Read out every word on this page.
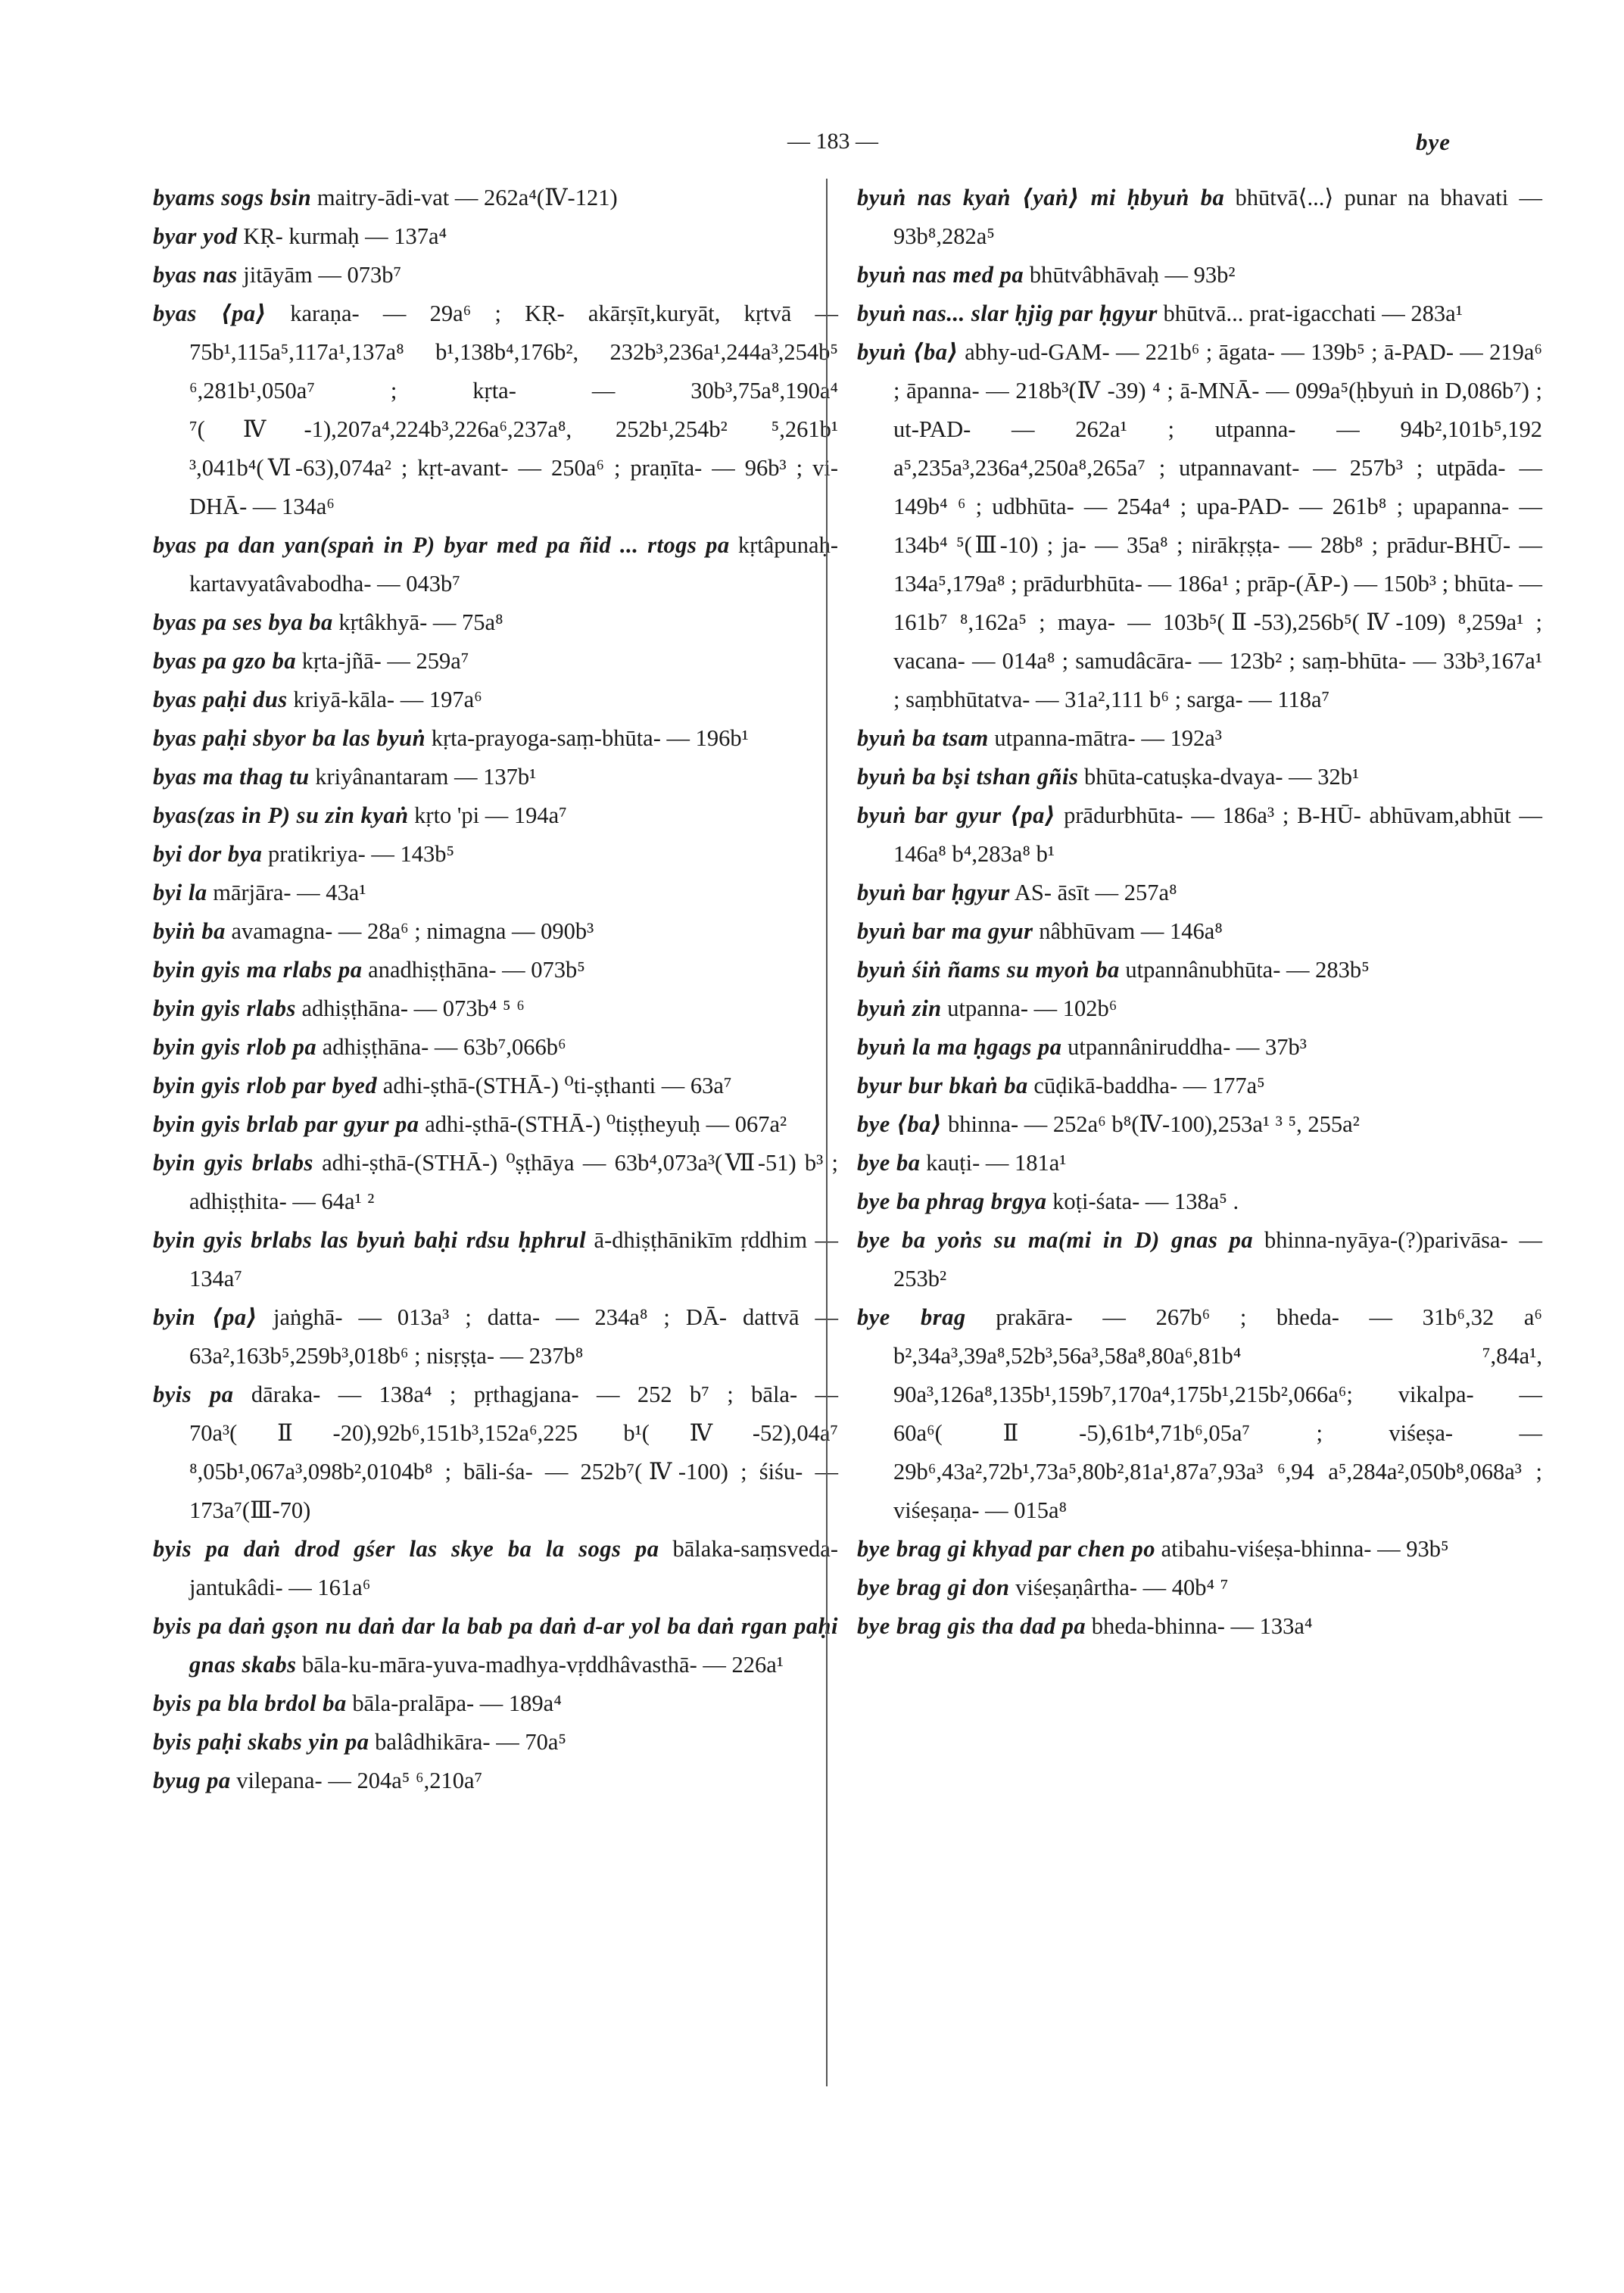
— 183 —	bye

byams sogs bsin maitry-ādi-vat — 262a⁴(Ⅳ-121)

byar yod KṚ- kurmaḥ — 137a⁴

byas nas jitāyām — 073b⁷

byas ⟨pa⟩ karaṇa- — 29a⁶ ; KṚ- akārṣīt,kuryāt, kṛtvā — 75b¹,115a⁵,117a¹,137a⁸ b¹,138b⁴,176b², 232b³,236a¹,244a³,254b⁵ ⁶,281b¹,050a⁷ ; kṛta- — 30b³,75a⁸,190a⁴ ⁷(Ⅳ-1),207a⁴,224b³,226a⁶,237a⁸, 252b¹,254b² ⁵,261b¹ ³,041b⁴(Ⅵ-63),074a² ; kṛt-avant- — 250a⁶ ; praṇīta- — 96b³ ; vi-DHĀ- — 134a⁶

byas pa dan yan(spaṅ in P) byar med pa ñid ... rtogs pa kṛtâpunaḥ-kartavyatâvabodha- — 043b⁷

byas pa ses bya ba kṛtâkhyā- — 75a⁸

byas pa gzo ba kṛta-jñā- — 259a⁷

byas paḥi dus kriyā-kāla- — 197a⁶

byas paḥi sbyor ba las byuṅ kṛta-prayoga-saṃ-bhūta- — 196b¹

byas ma thag tu kriyânantaram — 137b¹

byas(zas in P) su zin kyaṅ kṛto 'pi — 194a⁷

byi dor bya pratikriya- — 143b⁵

byi la mārjāra- — 43a¹

byiṅ ba avamagna- — 28a⁶ ; nimagna — 090b³

byin gyis ma rlabs pa anadhiṣṭhāna- — 073b⁵

byin gyis rlabs adhiṣṭhāna- — 073b⁴ ⁵ ⁶

byin gyis rlob pa adhiṣṭhāna- — 63b⁷,066b⁶

byin gyis rlob par byed adhi-ṣthā-(STHĀ-) ⁰ti-ṣṭhanti — 63a⁷

byin gyis brlab par gyur pa adhi-ṣthā-(STHĀ-) ⁰tiṣṭheyuḥ — 067a²

byin gyis brlabs adhi-ṣthā-(STHĀ-) ⁰ṣṭhāya — 63b⁴,073a³(Ⅶ-51) b³ ; adhiṣṭhita- — 64a¹ ²

byin gyis brlabs las byuṅ baḥi rdsu ḥphrul ā-dhiṣṭhānikīm ṛddhim — 134a⁷

byin ⟨pa⟩ jaṅghā- — 013a³ ; datta- — 234a⁸ ; DĀ- dattvā — 63a²,163b⁵,259b³,018b⁶ ; nisṛṣṭa- — 237b⁸

byis pa dāraka- — 138a⁴ ; pṛthagjana- — 252 b⁷ ; bāla- — 70a³(Ⅱ-20),92b⁶,151b³,152a⁶,225 b¹(Ⅳ-52),04a⁷ ⁸,05b¹,067a³,098b²,0104b⁸ ; bāli-śa- — 252b⁷(Ⅳ-100) ; śiśu- — 173a⁷(Ⅲ-70)

byis pa daṅ drod gśer las skye ba la sogs pa bālaka-saṃsveda-jantukâdi- — 161a⁶

byis pa daṅ gṣon nu daṅ dar la bab pa daṅ d-ar yol ba daṅ rgan paḥi gnas skabs bāla-ku-māra-yuva-madhya-vṛddhâvasthā- — 226a¹

byis pa bla brdol ba bāla-pralāpa- — 189a⁴

byis paḥi skabs yin pa balâdhikāra- — 70a⁵

byug pa vilepana- — 204a⁵ ⁶,210a⁷

byuṅ nas kyaṅ ⟨yaṅ⟩ mi ḥbyuṅ ba bhūtvā⟨...⟩ punar na bhavati — 93b⁸,282a⁵

byuṅ nas med pa bhūtvâbhāvaḥ — 93b²

byuṅ nas... slar ḥjig par ḥgyur bhūtvā... prat-igacchati — 283a¹

byuṅ ⟨ba⟩ abhy-ud-GAM- — 221b⁶ ; āgata- — 139b⁵ ; ā-PAD- — 219a⁶ ; āpanna- — 218b³(Ⅳ -39) ⁴ ; ā-MNĀ- — 099a⁵(ḥbyuṅ in D,086b⁷) ; ut-PAD- — 262a¹ ; utpanna- — 94b²,101b⁵,192 a⁵,235a³,236a⁴,250a⁸,265a⁷ ; utpannavant- — 257b³ ; utpāda- — 149b⁴ ⁶ ; udbhūta- — 254a⁴ ; upa-PAD- — 261b⁸ ; upapanna- — 134b⁴ ⁵(Ⅲ-10) ; ja- — 35a⁸ ; nirākṛṣṭa- — 28b⁸ ; prādur-BHŪ- — 134a⁵,179a⁸ ; prādurbhūta- — 186a¹ ; prāp-(ĀP-) — 150b³ ; bhūta- — 161b⁷ ⁸,162a⁵ ; maya- — 103b⁵(Ⅱ-53),256b⁵(Ⅳ-109) ⁸,259a¹ ; vacana- — 014a⁸ ; samudâcāra- — 123b² ; saṃ-bhūta- — 33b³,167a¹ ; saṃbhūtatva- — 31a²,111 b⁶ ; sarga- — 118a⁷

byuṅ ba tsam utpanna-mātra- — 192a³

byuṅ ba bṣi tshan gñis bhūta-catuṣka-dvaya- — 32b¹

byuṅ bar gyur ⟨pa⟩ prādurbhūta- — 186a³ ; B-HŪ- abhūvam,abhūt — 146a⁸ b⁴,283a⁸ b¹

byuṅ bar ḥgyur AS- āsīt — 257a⁸

byuṅ bar ma gyur nâbhūvam — 146a⁸

byuṅ śiṅ ñams su myoṅ ba utpannânubhūta- — 283b⁵

byuṅ zin utpanna- — 102b⁶

byuṅ la ma ḥgags pa utpannâniruddha- — 37b³

byur bur bkaṅ ba cūḍikā-baddha- — 177a⁵

bye ⟨ba⟩ bhinna- — 252a⁶ b⁸(Ⅳ-100),253a¹ ³ ⁵, 255a²

bye ba kauṭi- — 181a¹

bye ba phrag brgya koṭi-śata- — 138a⁵ .

bye ba yoṅs su ma(mi in D) gnas pa bhinna-nyāya-(?)parivāsa- — 253b²

bye brag prakāra- — 267b⁶ ; bheda- — 31b⁶,32 a⁶ b²,34a³,39a⁸,52b³,56a³,58a⁸,80a⁶,81b⁴ ⁷,84a¹, 90a³,126a⁸,135b¹,159b⁷,170a⁴,175b¹,215b²,066a⁶; vikalpa- — 60a⁶(Ⅱ-5),61b⁴,71b⁶,05a⁷ ; viśeṣa- — 29b⁶,43a²,72b¹,73a⁵,80b²,81a¹,87a⁷,93a³ ⁶,94 a⁵,284a²,050b⁸,068a³ ; viśeṣaṇa- — 015a⁸

bye brag gi khyad par chen po atibahu-viśeṣa-bhinna- — 93b⁵

bye brag gi don viśeṣaṇârtha- — 40b⁴ ⁷

bye brag gis tha dad pa bheda-bhinna- — 133a⁴
